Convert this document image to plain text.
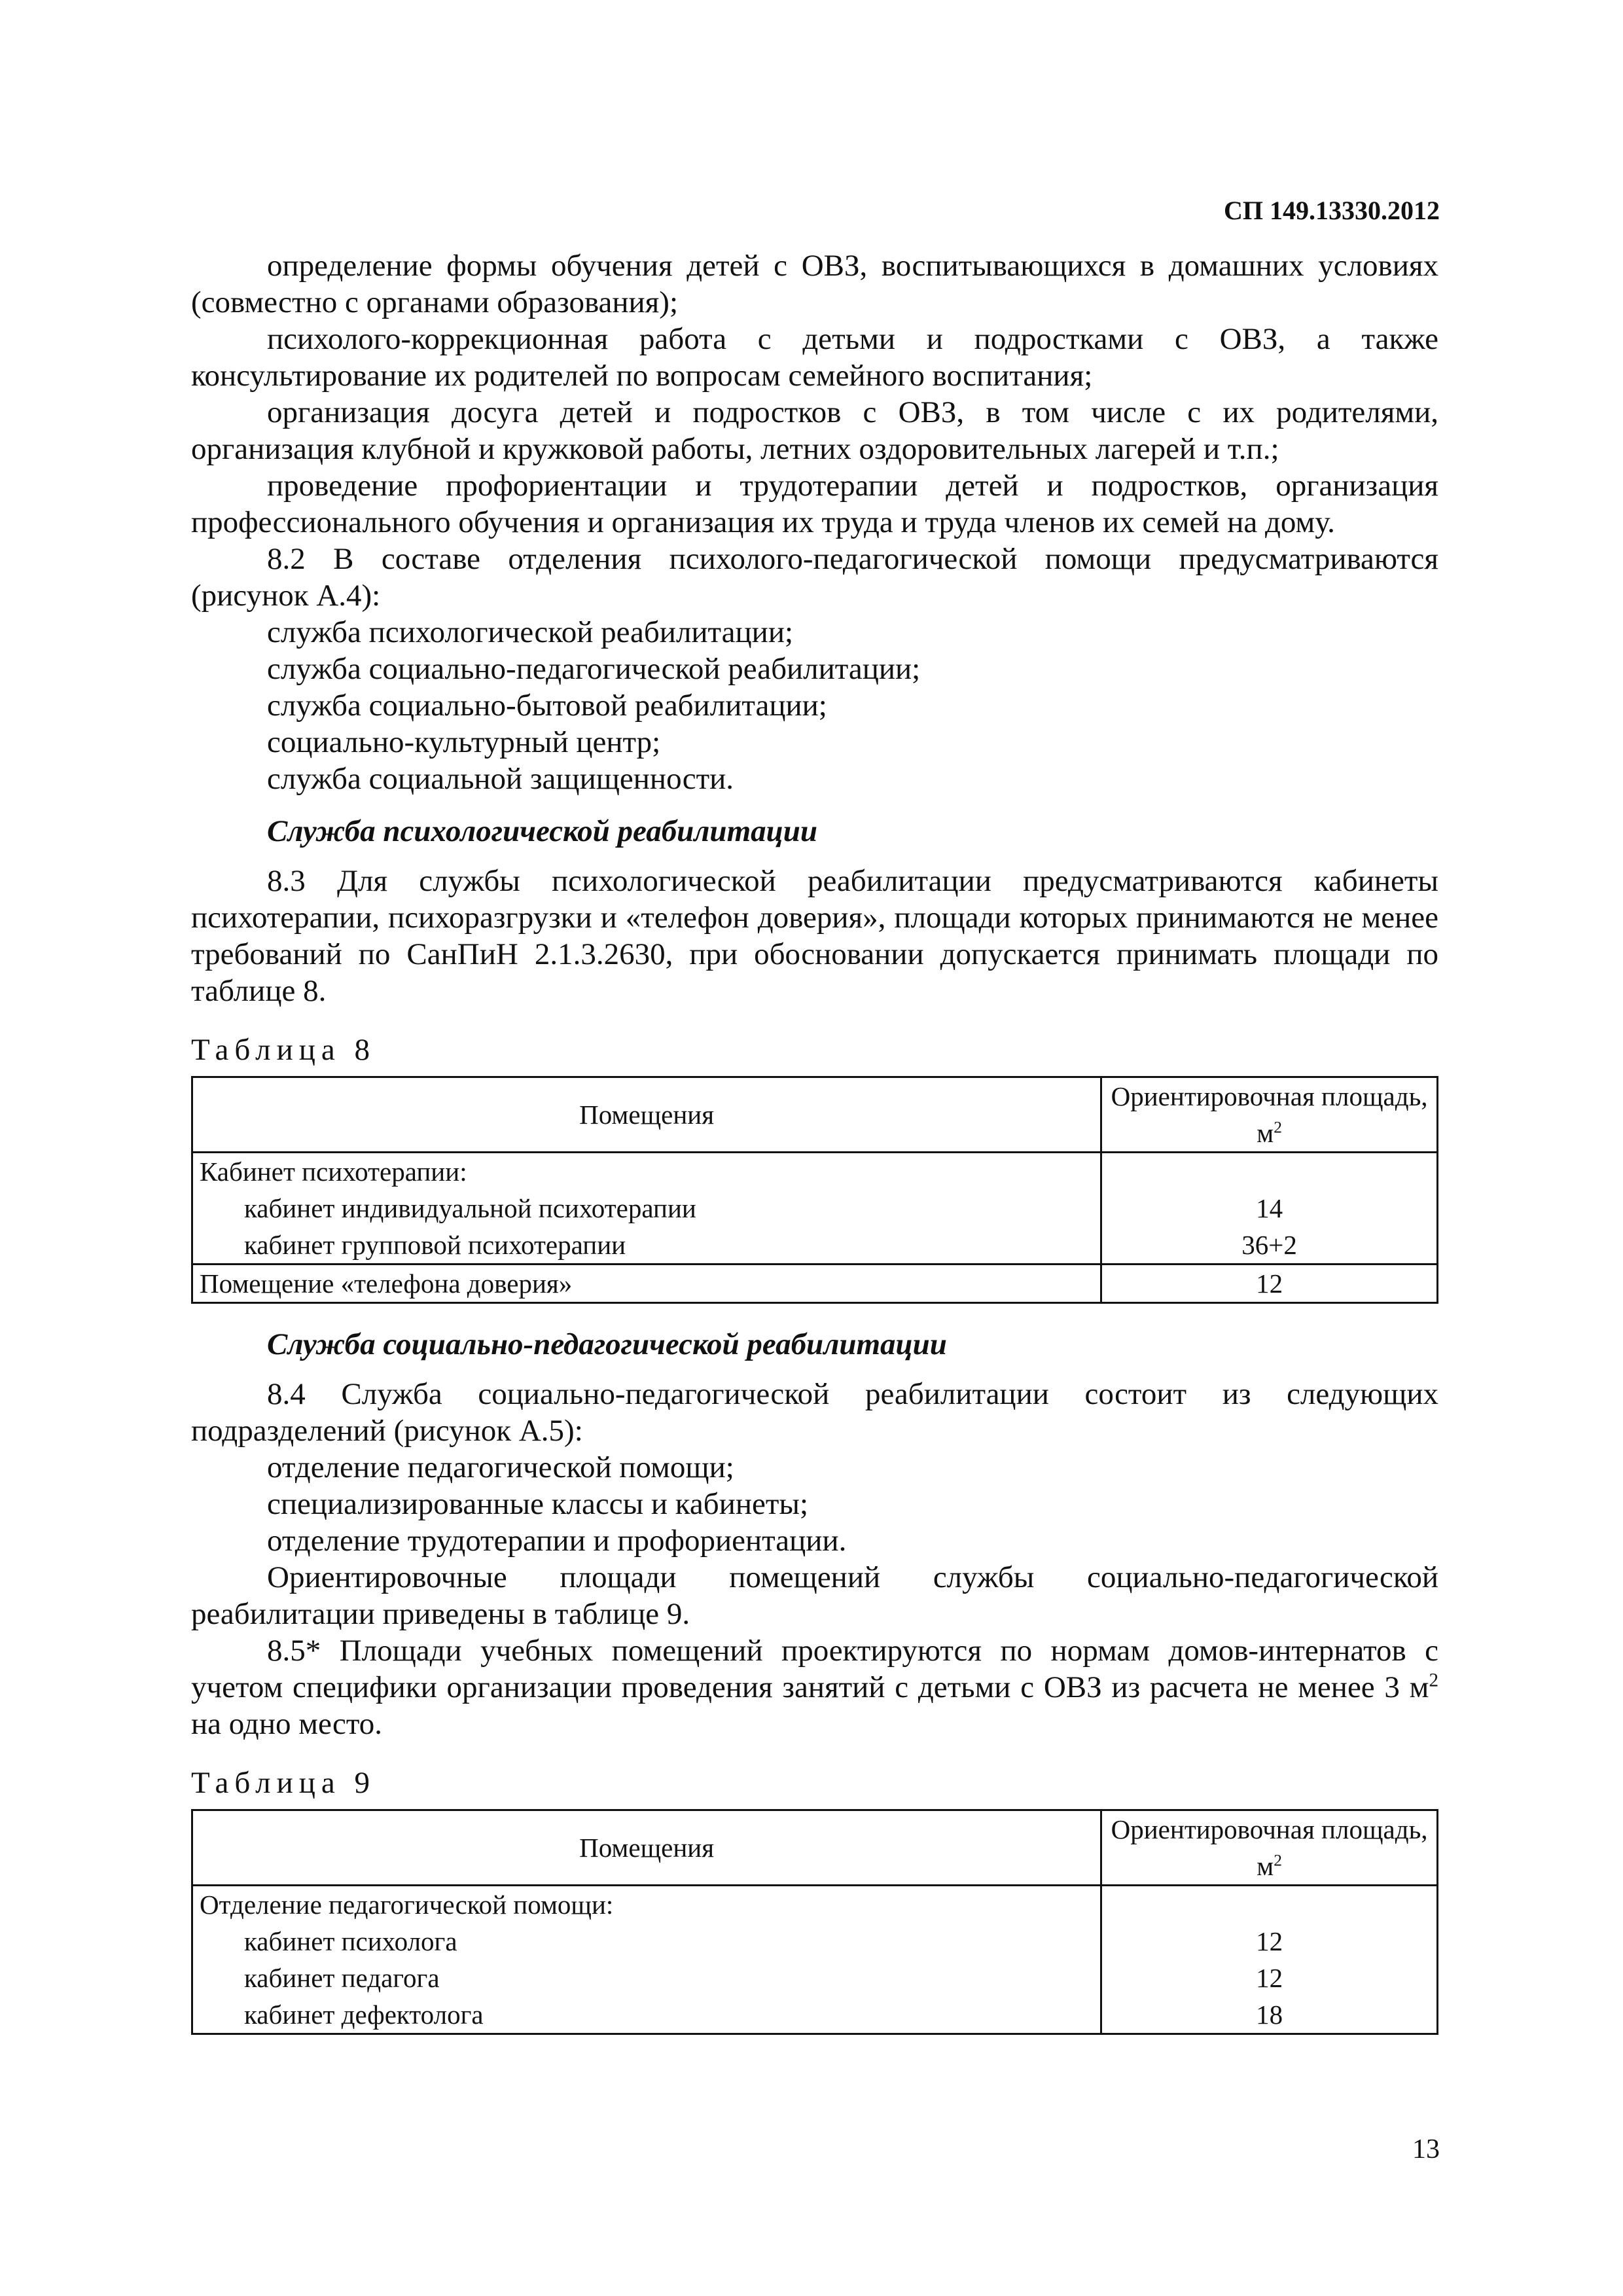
СП 149.13330.2012

определение формы обучения детей с ОВЗ, воспитывающихся в домашних условиях (совместно с органами образования);

психолого-коррекционная работа с детьми и подростками с ОВЗ, а также консультирование их родителей по вопросам семейного воспитания;

организация досуга детей и подростков с ОВЗ, в том числе с их родителями, организация клубной и кружковой работы, летних оздоровительных лагерей и т.п.;

проведение профориентации и трудотерапии детей и подростков, организация профессионального обучения и организация их труда и труда членов их семей на дому.

8.2 В составе отделения психолого-педагогической помощи предусматриваются (рисунок А.4):

служба психологической реабилитации;

служба социально-педагогической реабилитации;

служба социально-бытовой реабилитации;

социально-культурный центр;

служба социальной защищенности.

Служба психологической реабилитации

8.3 Для службы психологической реабилитации предусматриваются кабинеты психотерапии, психоразгрузки и «телефон доверия», площади которых принимаются не менее требований по СанПиН 2.1.3.2630, при обосновании допускается принимать площади по таблице 8.

Таблица 8

Помещения	Ориентировочная площадь, $м^2$
Кабинет психотерапии:	
кабинет индивидуальной психотерапии	14
кабинет групповой психотерапии	36+2
Помещение «телефона доверия»	12

Служба социально-педагогической реабилитации

8.4 Служба социально-педагогической реабилитации состоит из следующих подразделений (рисунок А.5):

отделение педагогической помощи;

специализированные классы и кабинеты;

отделение трудотерапии и профориентации.

Ориентировочные площади помещений службы социально-педагогической реабилитации приведены в таблице 9.

8.5* Площади учебных помещений проектируются по нормам домов-интернатов с учетом специфики организации проведения занятий с детьми с ОВЗ из расчета не менее 3 $м^2$ на одно место.

Таблица 9

Помещения	Ориентировочная площадь, $м^2$
Отделение педагогической помощи:	
кабинет психолога	12
кабинет педагога	12
кабинет дефектолога	18
13
